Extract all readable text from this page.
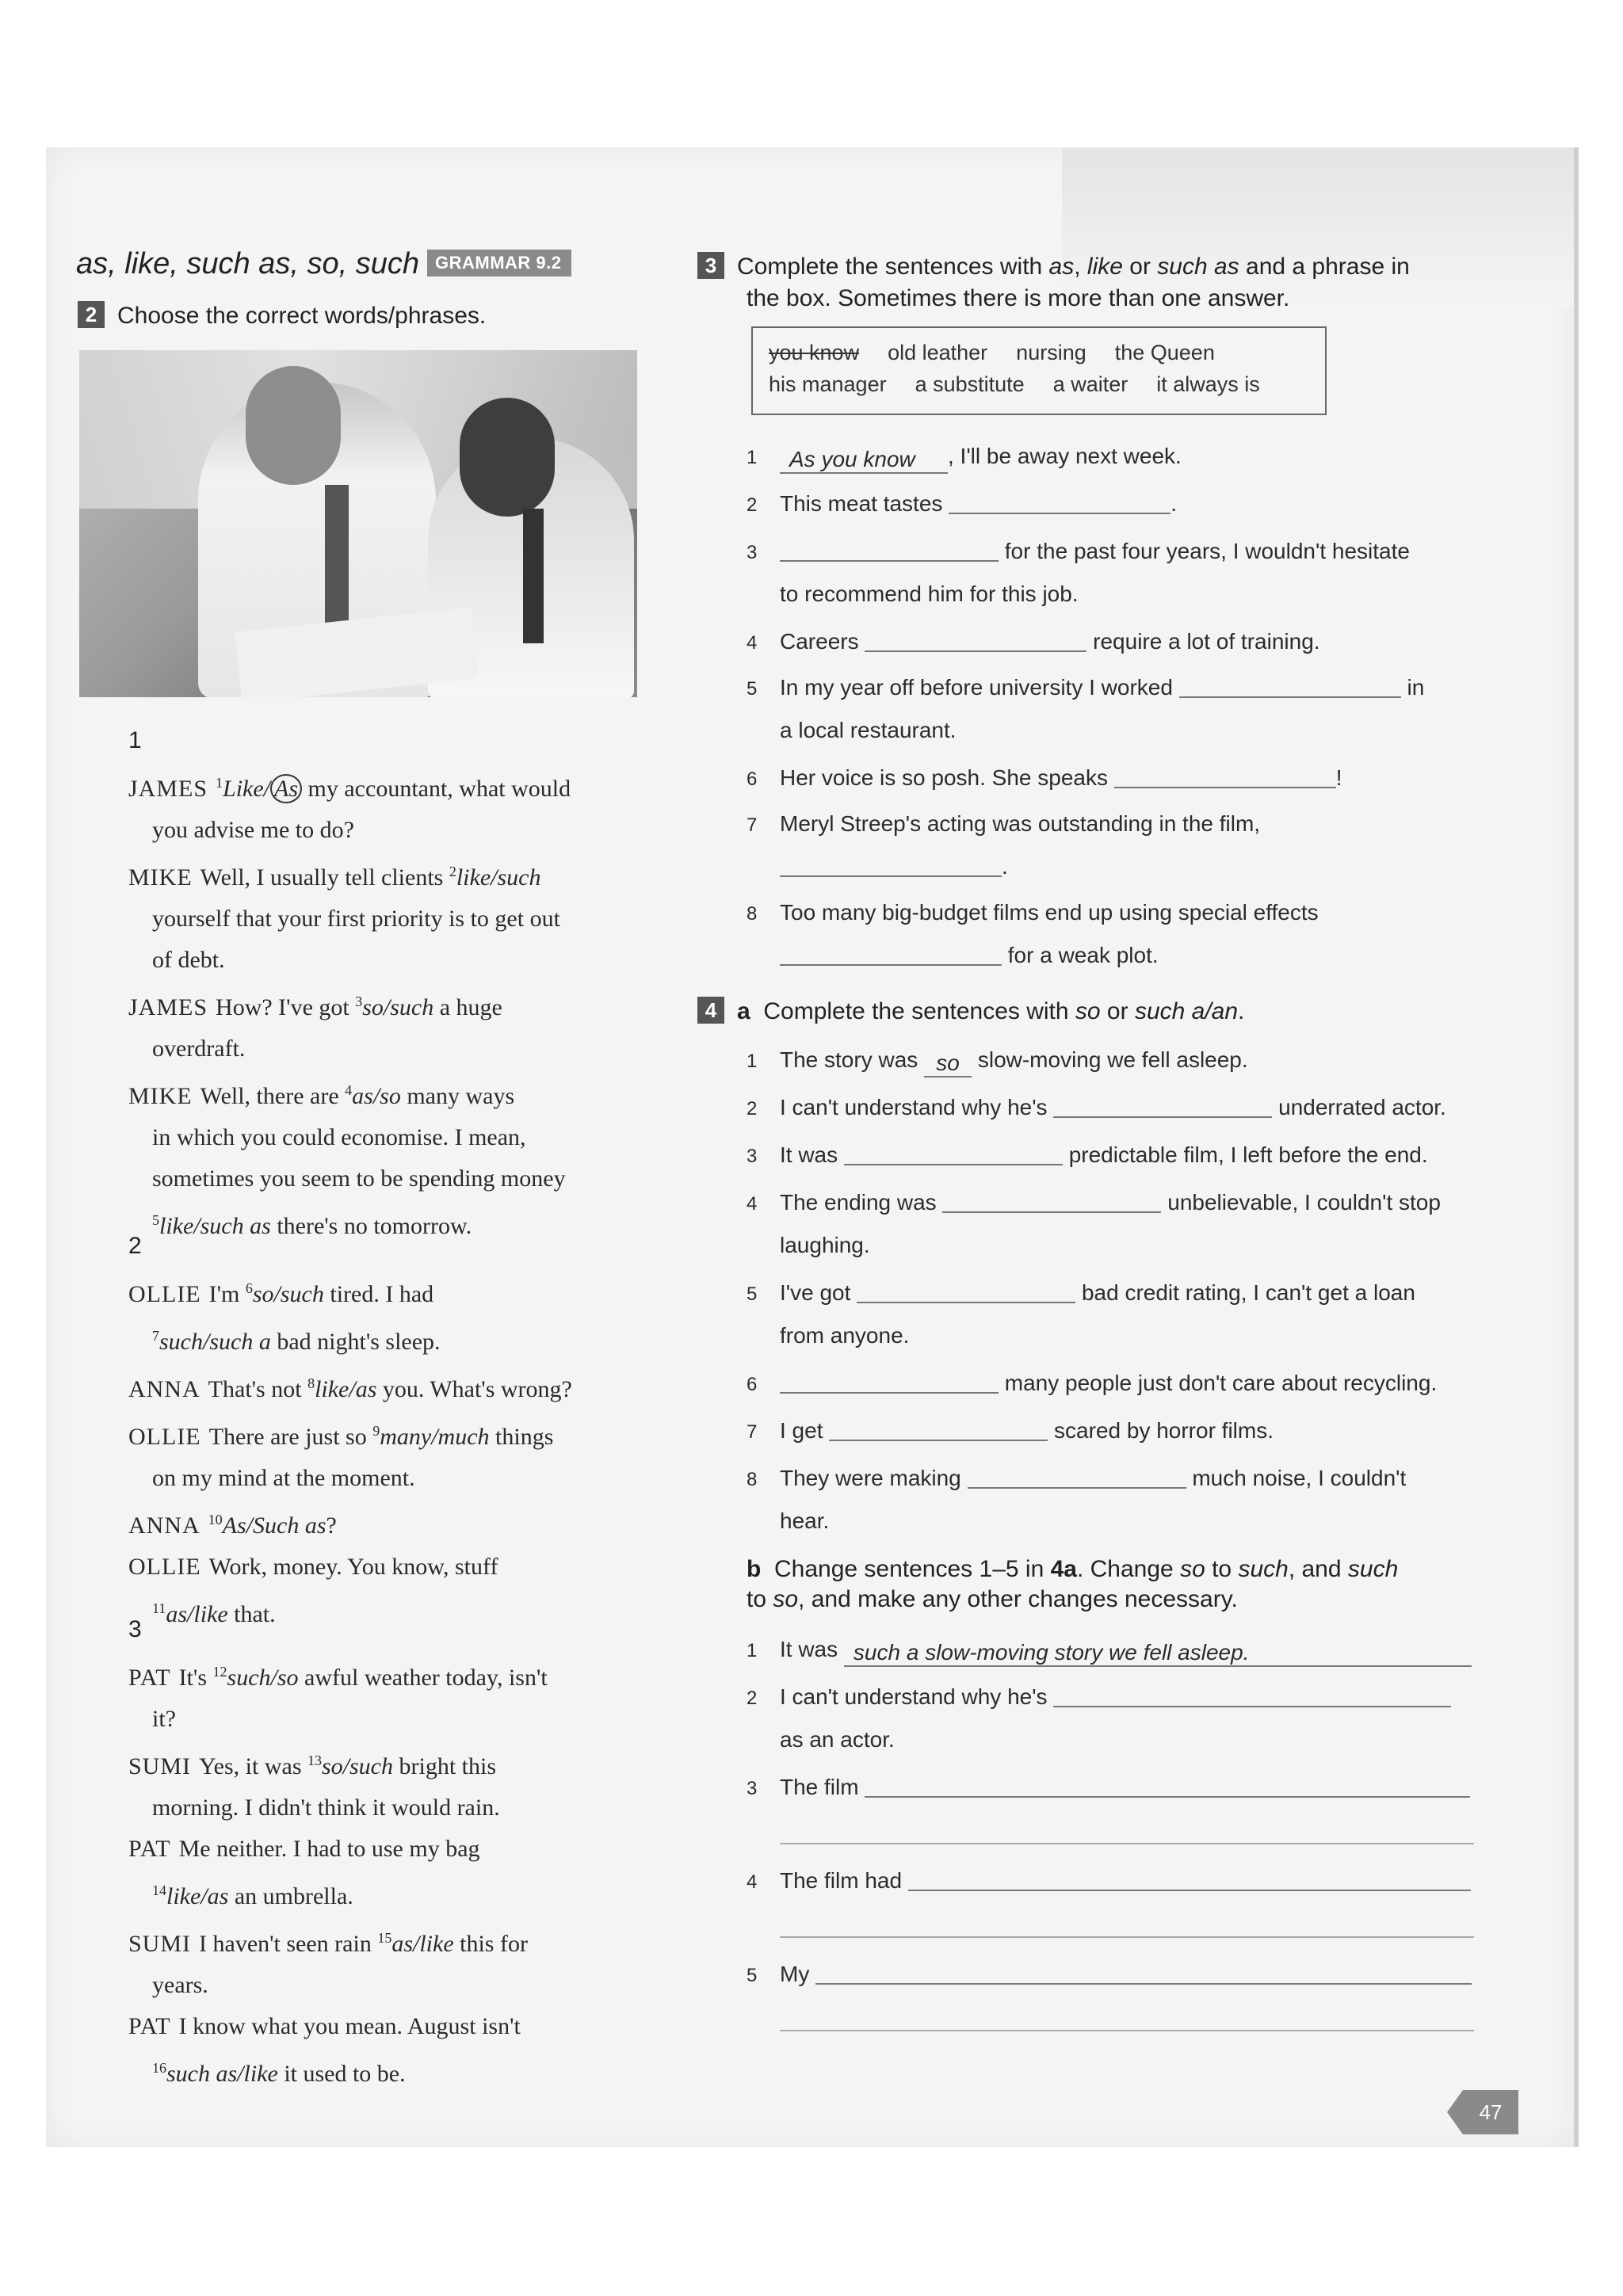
as, like, such as, so, such GRAMMAR 9.2
2 Choose the correct words/phrases.
1
JAMES $^1$Like/ As my accountant, what would
you advise me to do?
MIKE Well, I usually tell clients $^2$like/such
yourself that your first priority is to get out
of debt.
JAMES How? I've got $^3$so/such a huge
overdraft.
MIKE Well, there are $^4$as/so many ways
in which you could economise. I mean,
sometimes you seem to be spending money
$^5$like/such as there's no tomorrow.
2
OLLIE I'm $^6$so/such tired. I had
$^7$such/such a bad night's sleep.
ANNA That's not $^8$like/as you. What's wrong?
OLLIE There are just so $^9$many/much things
on my mind at the moment.
ANNA $^{10}$As/Such as?
OLLIE Work, money. You know, stuff
$^{11}$as/like that.
3
PAT It's $^{12}$such/so awful weather today, isn't
it?
SUMI Yes, it was $^{13}$so/such bright this
morning. I didn't think it would rain.
PAT Me neither. I had to use my bag
$^{14}$like/as an umbrella.
SUMI I haven't seen rain $^{15}$as/like this for
years.
PAT I know what you mean. August isn't
$^{16}$such as/like it used to be.
3 Complete the sentences with as, like or such as and a phrase in
the box. Sometimes there is more than one answer.
you know old leather nursing the Queen
his manager a substitute a waiter it always is
1 As you know , I'll be away next week.
2 This meat tastes	.
3	for the past four years, I wouldn't hesitate
to recommend him for this job.
4 Careers	require a lot of training.
5 In my year off before university I worked	in
a local restaurant.
6 Her voice is so posh. She speaks	!
7 Meryl Streep's acting was outstanding in the film,
.
8 Too many big-budget films end up using special effects
for a weak plot.
4 a Complete the sentences with so or such a/an.
1 The story was so slow-moving we fell asleep.
2 I can't understand why he's	underrated actor.
3 It was	predictable film, I left before the end.
4 The ending was	unbelievable, I couldn't stop
laughing.
5 I've got	bad credit rating, I can't get a loan
from anyone.
6	many people just don't care about recycling.
7 I get	scared by horror films.
8 They were making	much noise, I couldn't
hear.
b Change sentences 1–5 in 4a. Change so to such, and such
to so, and make any other changes necessary.
1 It was such a slow-moving story we fell asleep.
2 I can't understand why he's
as an actor.
3 The film
4 The film had
5 My
47
